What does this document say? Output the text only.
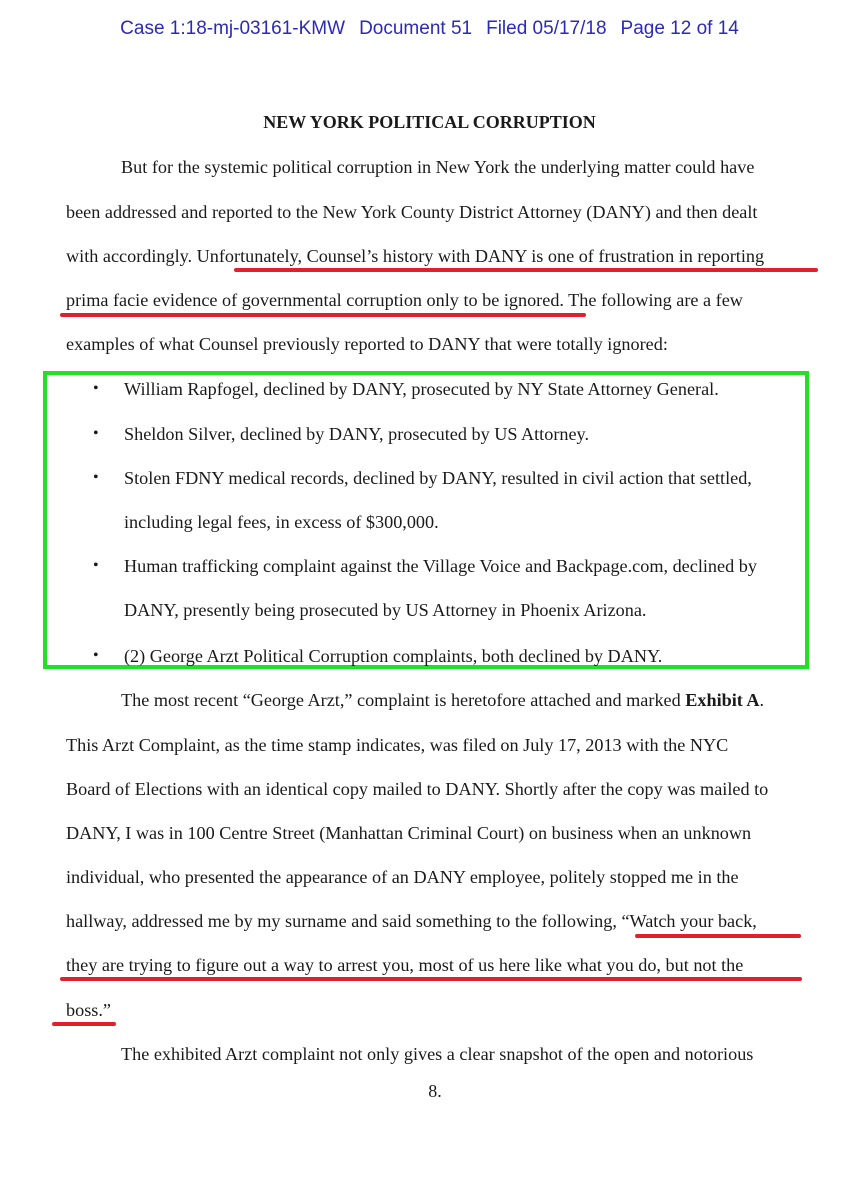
Case 1:18-mj-03161-KMW Document 51 Filed 05/17/18 Page 12 of 14
NEW YORK POLITICAL CORRUPTION
But for the systemic political corruption in New York the underlying matter could have
been addressed and reported to the New York County District Attorney (DANY) and then dealt
with accordingly. Unfortunately, Counsel’s history with DANY is one of frustration in reporting
prima facie evidence of governmental corruption only to be ignored. The following are a few
examples of what Counsel previously reported to DANY that were totally ignored:
• William Rapfogel, declined by DANY, prosecuted by NY State Attorney General.
• Sheldon Silver, declined by DANY, prosecuted by US Attorney.
• Stolen FDNY medical records, declined by DANY, resulted in civil action that settled,
including legal fees, in excess of $300,000.
• Human trafficking complaint against the Village Voice and Backpage.com, declined by
DANY, presently being prosecuted by US Attorney in Phoenix Arizona.
• (2) George Arzt Political Corruption complaints, both declined by DANY.
The most recent “George Arzt,” complaint is heretofore attached and marked Exhibit A.
This Arzt Complaint, as the time stamp indicates, was filed on July 17, 2013 with the NYC
Board of Elections with an identical copy mailed to DANY. Shortly after the copy was mailed to
DANY, I was in 100 Centre Street (Manhattan Criminal Court) on business when an unknown
individual, who presented the appearance of an DANY employee, politely stopped me in the
hallway, addressed me by my surname and said something to the following, “Watch your back,
they are trying to figure out a way to arrest you, most of us here like what you do, but not the
boss.”
The exhibited Arzt complaint not only gives a clear snapshot of the open and notorious
8.
